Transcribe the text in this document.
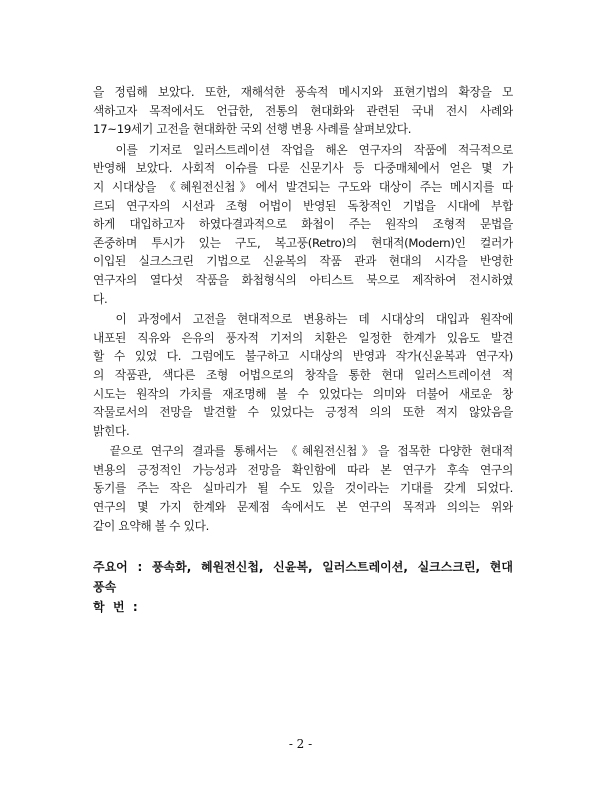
을 정립해 보았다. 또한, 재해석한 풍속적 메시지와 표현기법의 확장을 모
색하고자 목적에서도 언급한, 전통의 현대화와 관련된 국내 전시 사례와
17~19세기 고전을 현대화한 국외 선행 변용 사례를 살펴보았다.

이를 기저로 일러스트레이션 작업을 해온 연구자의 작품에 적극적으로
반영해 보았다. 사회적 이슈를 다룬 신문기사 등 다중매체에서 얻은 몇 가
지 시대상을 《혜원전신첩》에서 발견되는 구도와 대상이 주는 메시지를 따
르되 연구자의 시선과 조형 어법이 반영된 독창적인 기법을 시대에 부합
하게 대입하고자 하였다결과적으로 화첩이 주는 원작의 조형적 문법을
존중하며 투시가 있는 구도, 복고풍(Retro)의 현대적(Modern)인 컬러가
이입된 실크스크린 기법으로 신윤복의 작품 관과 현대의 시각을 반영한
연구자의 열다섯 작품을 화첩형식의 아티스트 북으로 제작하여 전시하였
다.

이 과정에서 고전을 현대적으로 변용하는 데 시대상의 대입과 원작에
내포된 직유와 은유의 풍자적 기저의 치환은 일정한 한계가 있음도 발견
할 수 있었 다. 그럼에도 불구하고 시대상의 반영과 작가(신윤복과 연구자)
의 작품관, 색다른 조형 어법으로의 창작을 통한 현대 일러스트레이션 적
시도는 원작의 가치를 재조명해 볼 수 있었다는 의미와 더불어 새로운 창
작물로서의 전망을 발견할 수 있었다는 긍정적 의의 또한 적지 않았음을
밝힌다.

끝으로 연구의 결과를 통해서는 《혜원전신첩》을 접목한 다양한 현대적
변용의 긍정적인 가능성과 전망을 확인함에 따라 본 연구가 후속 연구의
동기를 주는 작은 실마리가 될 수도 있을 것이라는 기대를 갖게 되었다.
연구의 몇 가지 한계와 문제점 속에서도 본 연구의 목적과 의의는 위와
같이 요약해 볼 수 있다.

주요어  :  풍속화,  혜원전신첩,  신윤복,  일러스트레이션,  실크스크린,  현대
풍속
학  번  :
- 2 -
